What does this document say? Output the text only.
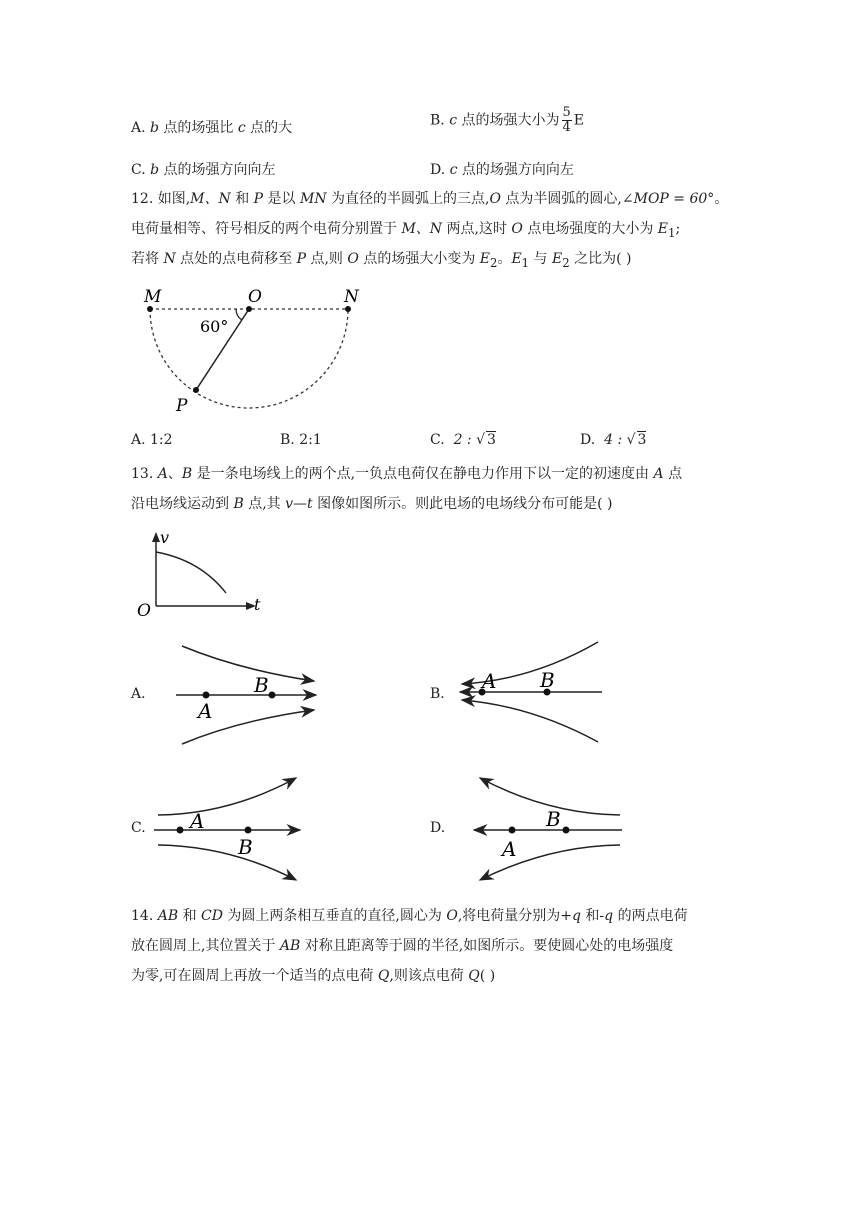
A. b 点的场强比 c 点的大	B. c 点的场强大小为 $\frac{5}{4}$ E
C. b 点的场强方向向左	D. c 点的场强方向向左
12. 如图,M、N 和 P 是以 MN 为直径的半圆弧上的三点,O 点为半圆弧的圆心,∠MOP = 60°。
电荷量相等、符号相反的两个电荷分别置于 M、N 两点,这时 O 点电场强度的大小为 $E_1$;
若将 N 点处的点电荷移至 P 点,则 O 点的场强大小变为 $E_2$。$E_1$ 与 $E_2$ 之比为( )
M	O	N
P
60°
A. 1:2	B. 2:1	C. 2 : √ 3	D. 4 : √ 3
13. A、B 是一条电场线上的两个点,一负点电荷仅在静电力作用下以一定的初速度由 A 点
沿电场线运动到 B 点,其 v—t 图像如图所示。则此电场的电场线分布可能是( )
v
t
O
A.
A
B	B.
A B
C. A
B
D.
A
B
14. AB 和 CD 为圆上两条相互垂直的直径,圆心为 O,将电荷量分别为+q 和-q 的两点电荷
放在圆周上,其位置关于 AB 对称且距离等于圆的半径,如图所示。要使圆心处的电场强度
为零,可在圆周上再放一个适当的点电荷 Q,则该点电荷 Q( )
